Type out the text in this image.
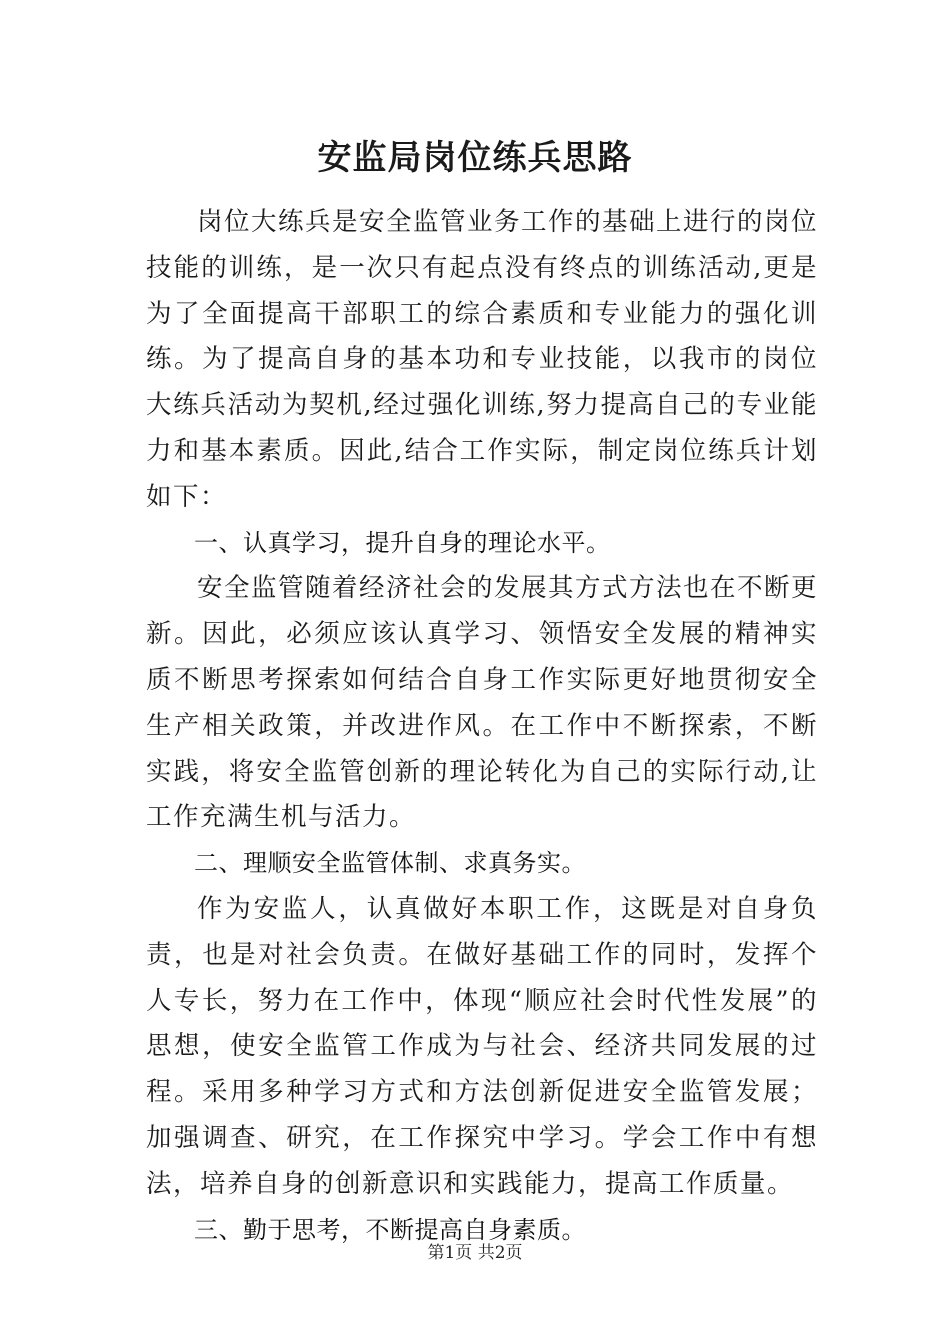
安监局岗位练兵思路

岗位大练兵是安全监管业务工作的基础上进行的岗位技能的训练，是一次只有起点没有终点的训练活动,更是为了全面提高干部职工的综合素质和专业能力的强化训练。为了提高自身的基本功和专业技能，以我市的岗位大练兵活动为契机,经过强化训练,努力提高自己的专业能力和基本素质。因此,结合工作实际，制定岗位练兵计划如下：

一、认真学习，提升自身的理论水平。

安全监管随着经济社会的发展其方式方法也在不断更新。因此，必须应该认真学习、领悟安全发展的精神实质不断思考探索如何结合自身工作实际更好地贯彻安全生产相关政策，并改进作风。在工作中不断探索，不断实践，将安全监管创新的理论转化为自己的实际行动,让工作充满生机与活力。

二、理顺安全监管体制、求真务实。

作为安监人，认真做好本职工作，这既是对自身负责，也是对社会负责。在做好基础工作的同时，发挥个人专长，努力在工作中，体现“顺应社会时代性发展”的思想，使安全监管工作成为与社会、经济共同发展的过程。采用多种学习方式和方法创新促进安全监管发展；加强调查、研究，在工作探究中学习。学会工作中有想法，培养自身的创新意识和实践能力，提高工作质量。

三、勤于思考，不断提高自身素质。

第1页 共2页
